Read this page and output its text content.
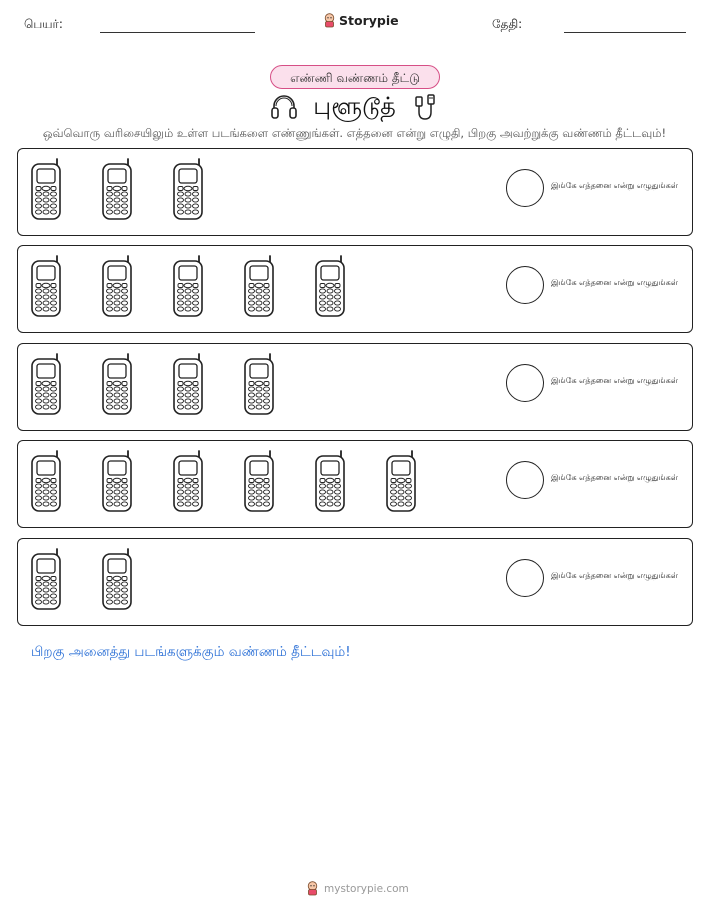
பெயர்:	Storypie	தேதி:
எண்ணி வண்ணம் தீட்டு
புளூடூத்
ஒவ்வொரு வரிசையிலும் உள்ள படங்களை எண்ணுங்கள். எத்தனை என்று எழுதி, பிறகு அவற்றுக்கு வண்ணம் தீட்டவும்!
இங்கே எத்தனை என்று எழுதுங்கள்
இங்கே எத்தனை என்று எழுதுங்கள்
இங்கே எத்தனை என்று எழுதுங்கள்
இங்கே எத்தனை என்று எழுதுங்கள்
இங்கே எத்தனை என்று எழுதுங்கள்
பிறகு அனைத்து படங்களுக்கும் வண்ணம் தீட்டவும்!
mystorypie.com
